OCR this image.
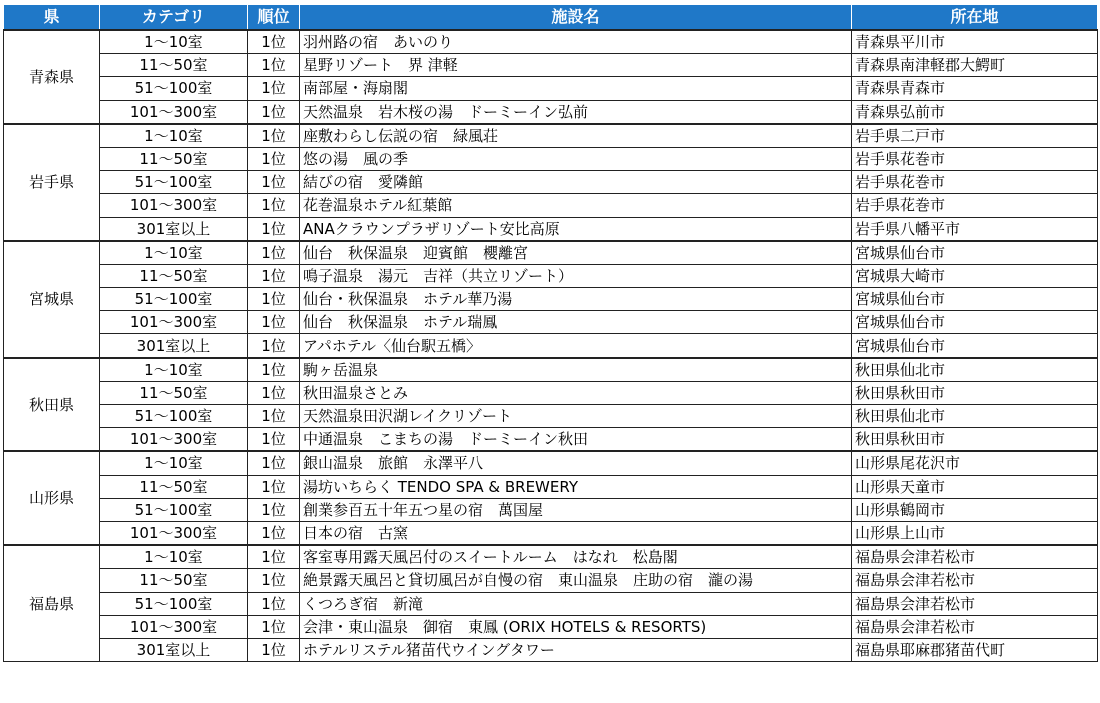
県	カテゴリ	順位	施設名	所在地
青森県	1～10室	1位	羽州路の宿　あいのり	青森県平川市
	11～50室	1位	星野リゾート　界 津軽	青森県南津軽郡大鰐町
	51～100室	1位	南部屋・海扇閣	青森県青森市
	101～300室	1位	天然温泉　岩木桜の湯　ドーミーイン弘前	青森県弘前市
岩手県	1～10室	1位	座敷わらし伝説の宿　緑風荘	岩手県二戸市
	11～50室	1位	悠の湯　風の季	岩手県花巻市
	51～100室	1位	結びの宿　愛隣館	岩手県花巻市
	101～300室	1位	花巻温泉ホテル紅葉館	岩手県花巻市
	301室以上	1位	ANAクラウンプラザリゾート安比高原	岩手県八幡平市
宮城県	1～10室	1位	仙台　秋保温泉　迎賓館　櫻離宮	宮城県仙台市
	11～50室	1位	鳴子温泉　湯元　吉祥（共立リゾート）	宮城県大崎市
	51～100室	1位	仙台・秋保温泉　ホテル華乃湯	宮城県仙台市
	101～300室	1位	仙台　秋保温泉　ホテル瑞鳳	宮城県仙台市
	301室以上	1位	アパホテル〈仙台駅五橋〉	宮城県仙台市
秋田県	1～10室	1位	駒ヶ岳温泉	秋田県仙北市
	11～50室	1位	秋田温泉さとみ	秋田県秋田市
	51～100室	1位	天然温泉田沢湖レイクリゾート	秋田県仙北市
	101～300室	1位	中通温泉　こまちの湯　ドーミーイン秋田	秋田県秋田市
山形県	1～10室	1位	銀山温泉　旅館　永澤平八	山形県尾花沢市
	11～50室	1位	湯坊いちらく TENDO SPA & BREWERY	山形県天童市
	51～100室	1位	創業参百五十年五つ星の宿　萬国屋	山形県鶴岡市
	101～300室	1位	日本の宿　古窯	山形県上山市
福島県	1～10室	1位	客室専用露天風呂付のスイートルーム　はなれ　松島閣	福島県会津若松市
	11～50室	1位	絶景露天風呂と貸切風呂が自慢の宿　東山温泉　庄助の宿　瀧の湯	福島県会津若松市
	51～100室	1位	くつろぎ宿　新滝	福島県会津若松市
	101～300室	1位	会津・東山温泉　御宿　東鳳 (ORIX HOTELS & RESORTS)	福島県会津若松市
	301室以上	1位	ホテルリステル猪苗代ウイングタワー	福島県耶麻郡猪苗代町
